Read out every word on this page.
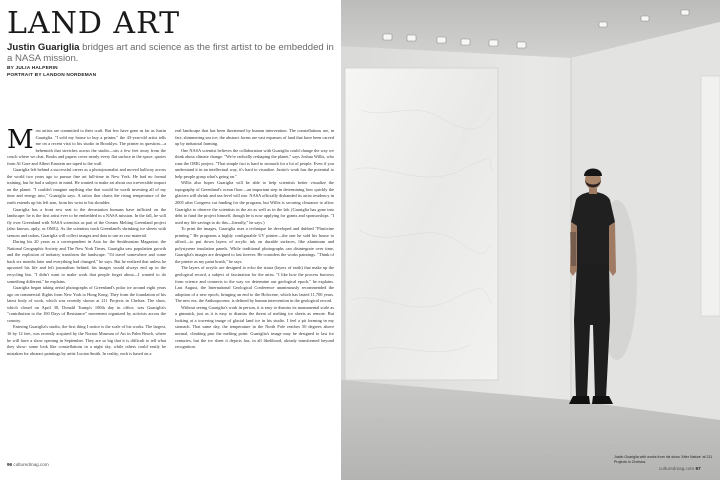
LAND ART

Justin Guariglia bridges art and science as the first artist to be embedded in a NASA mission.

BY JULIA HALPERIN
PORTRAIT BY LANDON NORDEMAN

Most artists are committed to their craft. But few have gone as far as Justin Guariglia. "I sold my house to buy a printer," the 43-year-old artist tells me on a recent visit to his studio in Brooklyn. The printer in question—a behemoth that stretches across the studio—sits a few feet away from the couch where we chat. Books and papers cover nearly every flat surface in the space, quotes from Al Gore and Albert Einstein are taped to the wall.

Guariglia left behind a successful career as a photojournalist and moved halfway across the world two years ago to pursue fine art full-time in New York. He had no formal training, but he had a subject in mind. He wanted to make art about our irreversible impact on the planet. "I couldn't imagine anything else that would be worth investing all of my time and energy into," Guariglia says. A tattoo that charts the rising temperature of the earth extends up his left arm, from his wrist to his shoulder.

Guariglia has a front row seat to the devastation humans have inflicted on the landscape: he is the first artist ever to be embedded in a NASA mission. In the fall, he will fly over Greenland with NASA scientists as part of the Oceans Melting Greenland project (also known, aptly, as OMG). As the scientists track Greenland's shrinking ice sheets with sensors and radars, Guariglia will collect images and data to use as raw material.

During his 20 years as a correspondent in Asia for the Smithsonian Magazine, the National Geographic Society and The New York Times, Guariglia saw population growth and the explosion of industry transform the landscape. "I'd travel somewhere and come back six months later and everything had changed," he says. But he realized that unless he uprooted his life and left journalism behind, his images would always end up in the recycling bin. "I didn't want to make work that people forget about—I wanted to do something different," he explains.

Guariglia began taking aerial photographs of Greenland's polar ice around eight years ago on commercial flights from New York to Hong Kong. They form the foundation of his latest body of work, which was recently shown at 211 Projects in Chelsea. The show, which closed on April 30, Donald Trump's 100th day in office, was Guariglia's "contribution to the 100 Days of Resistance" movement organized by activists across the country.

Entering Guariglia's studio, the first thing I notice is the scale of his works. The largest, 16 by 12 feet, was recently acquired by the Norton Museum of Art in Palm Beach, where he will have a show opening in September. They are so big that it is difficult to tell what they show: some look like constellations in a night sky, while others could easily be mistaken for abstract paintings by artist Lucian Smith. In reality, each is based on a

real landscape that has been threatened by human intervention. The constellations are, in fact, shimmering sea ice; the abstract forms are vast expanses of land that have been carved up by industrial farming.

One NASA scientist believes the collaboration with Guariglia could change the way we think about climate change. "We're radically reshaping the planet," says Joshua Willis, who runs the OMG project. "That simple fact is hard to stomach for a lot of people. Even if you understand it in an intellectual way, it's hard to visualize. Justin's work has the potential to help people grasp what's going on."

Willis also hopes Guariglia will be able to help scientists better visualize the topography of Greenland's ocean floor—an important step in determining how quickly the glaciers will shrink and sea level will rise. NASA officially disbanded its artist residency in 2005 after Congress cut funding for the program, but Willis is securing clearance to allow Guariglia to observe the scientists in the air as well as in the lab. (Guariglia has gone into debt to fund the project himself, though he is now applying for grants and sponsorships. "I used my life savings to do this—literally," he says.)

To print the images, Guariglia uses a technique he developed and dubbed "Plasticine printing." He programs a highly configurable UV printer—the one he sold his house to afford—to put down layers of acrylic ink on durable surfaces, like aluminum and polystyrene insulation panels. While traditional photographs can disintegrate over time, Guariglia's images are designed to last forever. He considers the works paintings. "Think of the printer as my paint brush," he says.

The layers of acrylic are designed to echo the strata (layers of earth) that make up the geological record, a subject of fascination for the artist. "I like how the process borrows from science and connects to the way we determine our geological epoch," he explains. Last August, the International Geological Conference unanimously recommended the adoption of a new epoch, bringing an end to the Holocene, which has lasted 11,700 years. The new era, the Anthropocene, is defined by human intervention in the geological record.

Without seeing Guariglia's work in person, it is easy to dismiss its monumental scale as a gimmick, just as it is easy to dismiss the threat of melting ice sheets as remote. But looking at a towering image of glacial land ice in his studio, I feel a pit forming in my stomach. That same day, the temperature in the North Pole reaches 50 degrees above normal, climbing past the melting point. Guariglia's image may be designed to last for centuries, but the ice sheet it depicts has, in all likelihood, already transformed beyond recognition.

96 culturedmag.com
Justin Guariglia with works from his show 'After Nature' at 211 Projects in Chelsea.
culturedmag.com 97
